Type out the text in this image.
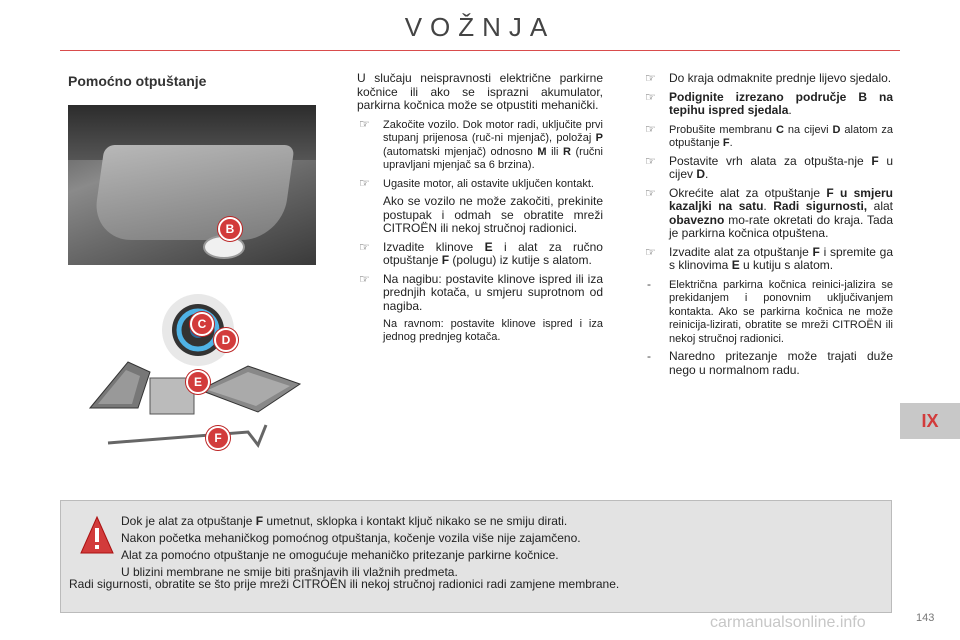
VOŽNJA
Pomoćno otpuštanje
B
C
D
E
F

U slučaju neispravnosti električne parkirne kočnice ili ako se isprazni akumulator, parkirna kočnica može se otpustiti mehanički.

☞ Zakočite vozilo. Dok motor radi, uključite prvi stupanj prijenosa (ruč-ni mjenjač), položaj P (automatski mjenjač) odnosno M ili R (ručni upravljani mjenjač sa 6 brzina).
☞ Ugasite motor, ali ostavite uključen kontakt.
Ako se vozilo ne može zakočiti, prekinite postupak i odmah se obratite mreži CITROËN ili nekoj stručnoj radionici.
☞ Izvadite klinove E i alat za ručno otpuštanje F (polugu) iz kutije s alatom.
☞ Na nagibu: postavite klinove ispred ili iza prednjih kotača, u smjeru suprotnom od nagiba.
Na ravnom: postavite klinove ispred i iza jednog prednjeg kotača.
☞ Do kraja odmaknite prednje lijevo sjedalo.
☞ Podignite izrezano područje B na tepihu ispred sjedala.
☞ Probušite membranu C na cijevi D alatom za otpuštanje F.
☞ Postavite vrh alata za otpušta-nje F u cijev D.
☞ Okrećite alat za otpuštanje F u smjeru kazaljki na satu. Radi sigurnosti, alat obavezno mo-rate okretati do kraja. Tada je parkirna kočnica otpuštena.
☞ Izvadite alat za otpuštanje F i spremite ga s klinovima E u kutiju s alatom.
- Električna parkirna kočnica reinici-jalizira se prekidanjem i ponovnim uključivanjem kontakta. Ako se parkirna kočnica ne može reinicija-lizirati, obratite se mreži CITROËN ili nekoj stručnoj radionici.
- Naredno pritezanje može trajati duže nego u normalnom radu.
Dok je alat za otpuštanje F umetnut, sklopka i kontakt ključ nikako se ne smiju dirati.
Nakon početka mehaničkog pomoćnog otpuštanja, kočenje vozila više nije zajamčeno.
Alat za pomoćno otpuštanje ne omogućuje mehaničko pritezanje parkirne kočnice.
U blizini membrane ne smije biti prašnjavih ili vlažnih predmeta.
Radi sigurnosti, obratite se što prije mreži CITROËN ili nekoj stručnoj radionici radi zamjene membrane.
IX
carmanualsonline.info	143
